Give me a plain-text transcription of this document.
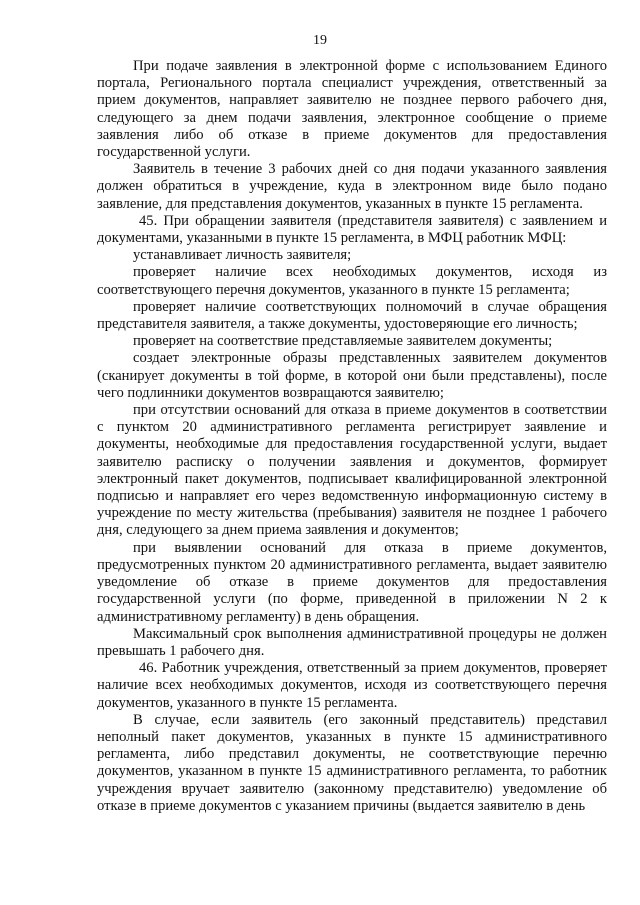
19

При подаче заявления в электронной форме с использованием Единого портала, Регионального портала специалист учреждения, ответственный за прием документов, направляет заявителю не позднее первого рабочего дня, следующего за днем подачи заявления, электронное сообщение о приеме заявления либо об отказе в приеме документов для предоставления государственной услуги.

Заявитель в течение 3 рабочих дней со дня подачи указанного заявления должен обратиться в учреждение, куда в электронном виде было подано заявление, для представления документов, указанных в пункте 15 регламента.

45. При обращении заявителя (представителя заявителя) с заявлением и документами, указанными в пункте 15 регламента, в МФЦ работник МФЦ:

устанавливает личность заявителя;

проверяет наличие всех необходимых документов, исходя из соответствующего перечня документов, указанного в пункте 15 регламента;

проверяет наличие соответствующих полномочий в случае обращения представителя заявителя, а также документы, удостоверяющие его личность;

проверяет на соответствие представляемые заявителем документы;

создает электронные образы представленных заявителем документов (сканирует документы в той форме, в которой они были представлены), после чего подлинники документов возвращаются заявителю;

при отсутствии оснований для отказа в приеме документов в соответствии с пунктом 20 административного регламента регистрирует заявление и документы, необходимые для предоставления государственной услуги, выдает заявителю расписку о получении заявления и документов, формирует электронный пакет документов, подписывает квалифицированной электронной подписью и направляет его через ведомственную информационную систему в учреждение по месту жительства (пребывания) заявителя не позднее 1 рабочего дня, следующего за днем приема заявления и документов;

при выявлении оснований для отказа в приеме документов, предусмотренных пунктом 20 административного регламента, выдает заявителю уведомление об отказе в приеме документов для предоставления государственной услуги (по форме, приведенной в приложении N 2 к административному регламенту) в день обращения.

Максимальный срок выполнения административной процедуры не должен превышать 1 рабочего дня.

46. Работник учреждения, ответственный за прием документов, проверяет наличие всех необходимых документов, исходя из соответствующего перечня документов, указанного в пункте 15 регламента.

В случае, если заявитель (его законный представитель) представил неполный пакет документов, указанных в пункте 15 административного регламента, либо представил документы, не соответствующие перечню документов, указанном в пункте 15 административного регламента, то работник учреждения вручает заявителю (законному представителю) уведомление об отказе в приеме документов с указанием причины (выдается заявителю в день
